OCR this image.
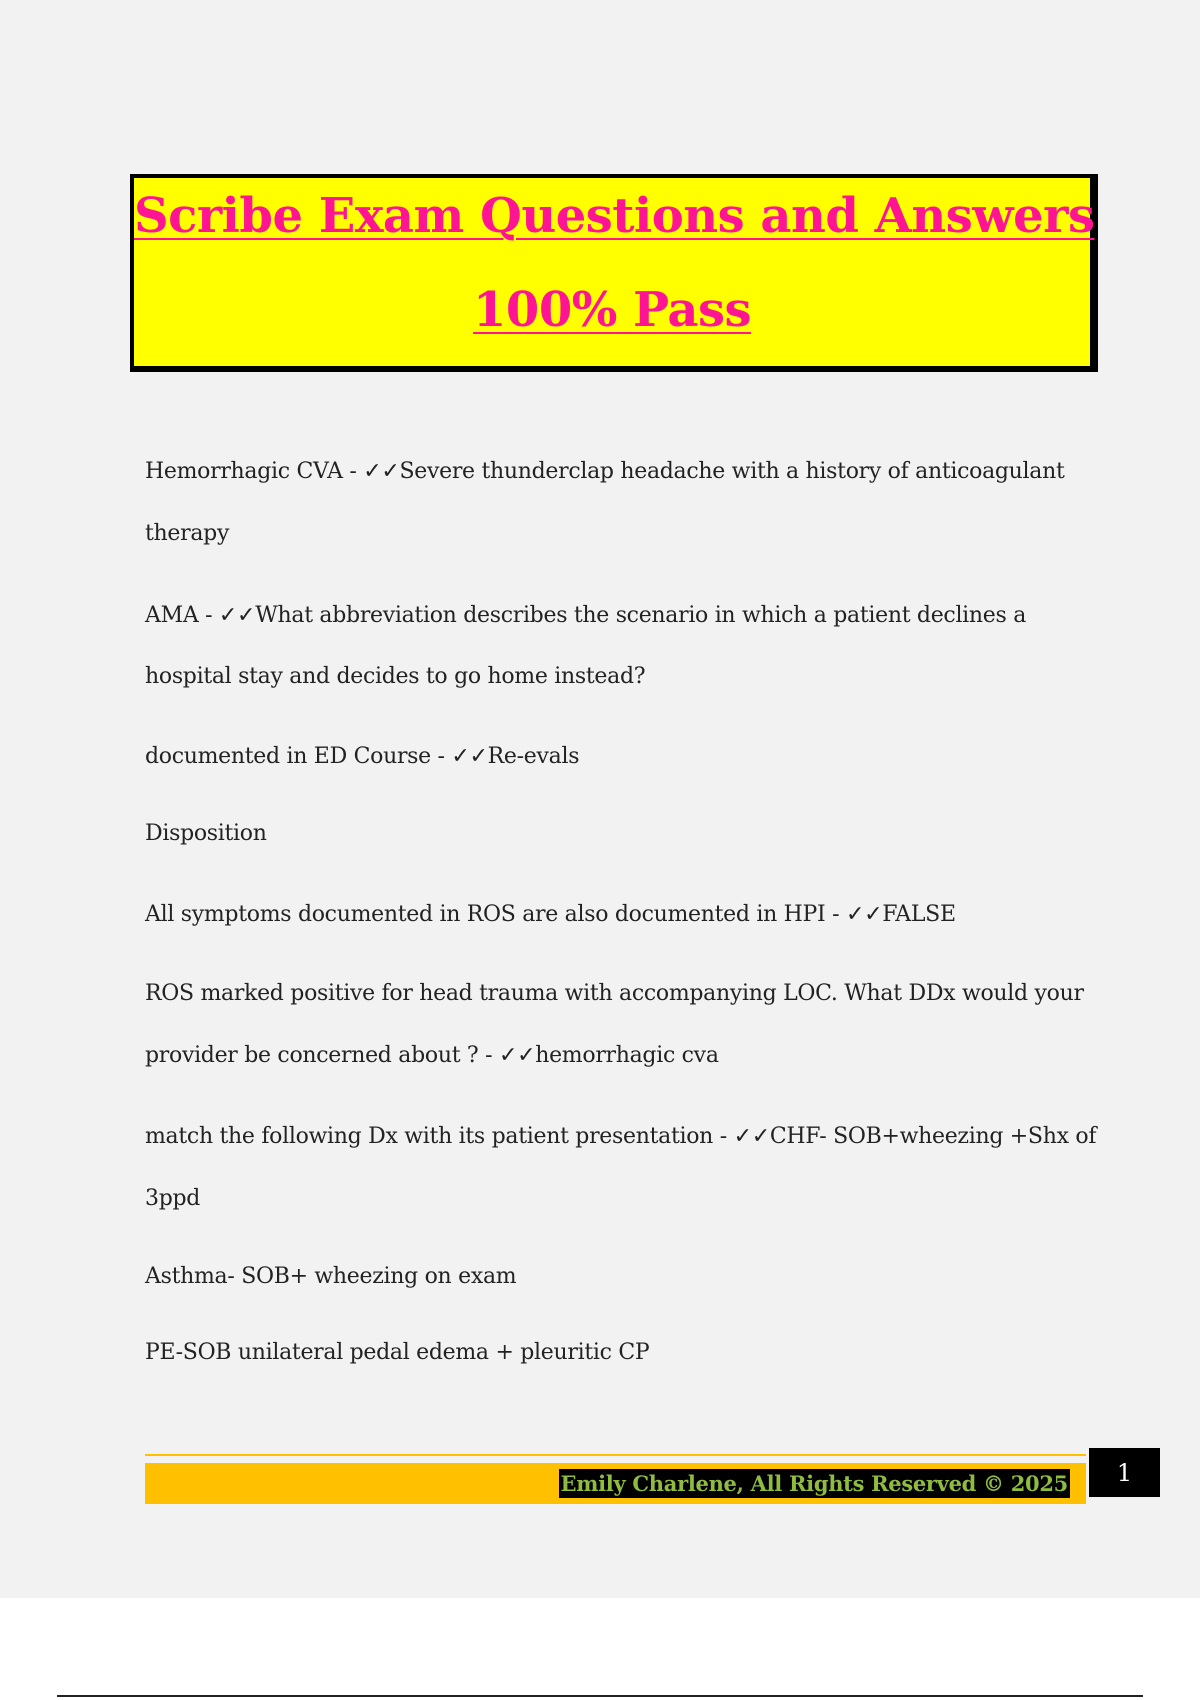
Scribe Exam Questions and Answers
100% Pass
Hemorrhagic CVA - ✓✓Severe thunderclap headache with a history of anticoagulant
therapy
AMA - ✓✓What abbreviation describes the scenario in which a patient declines a
hospital stay and decides to go home instead?
documented in ED Course - ✓✓Re-evals
Disposition
All symptoms documented in ROS are also documented in HPI - ✓✓FALSE
ROS marked positive for head trauma with accompanying LOC. What DDx would your
provider be concerned about ? - ✓✓hemorrhagic cva
match the following Dx with its patient presentation - ✓✓CHF- SOB+wheezing +Shx of
3ppd
Asthma- SOB+ wheezing on exam
PE-SOB unilateral pedal edema + pleuritic CP
Emily Charlene, All Rights Reserved © 2025	1
